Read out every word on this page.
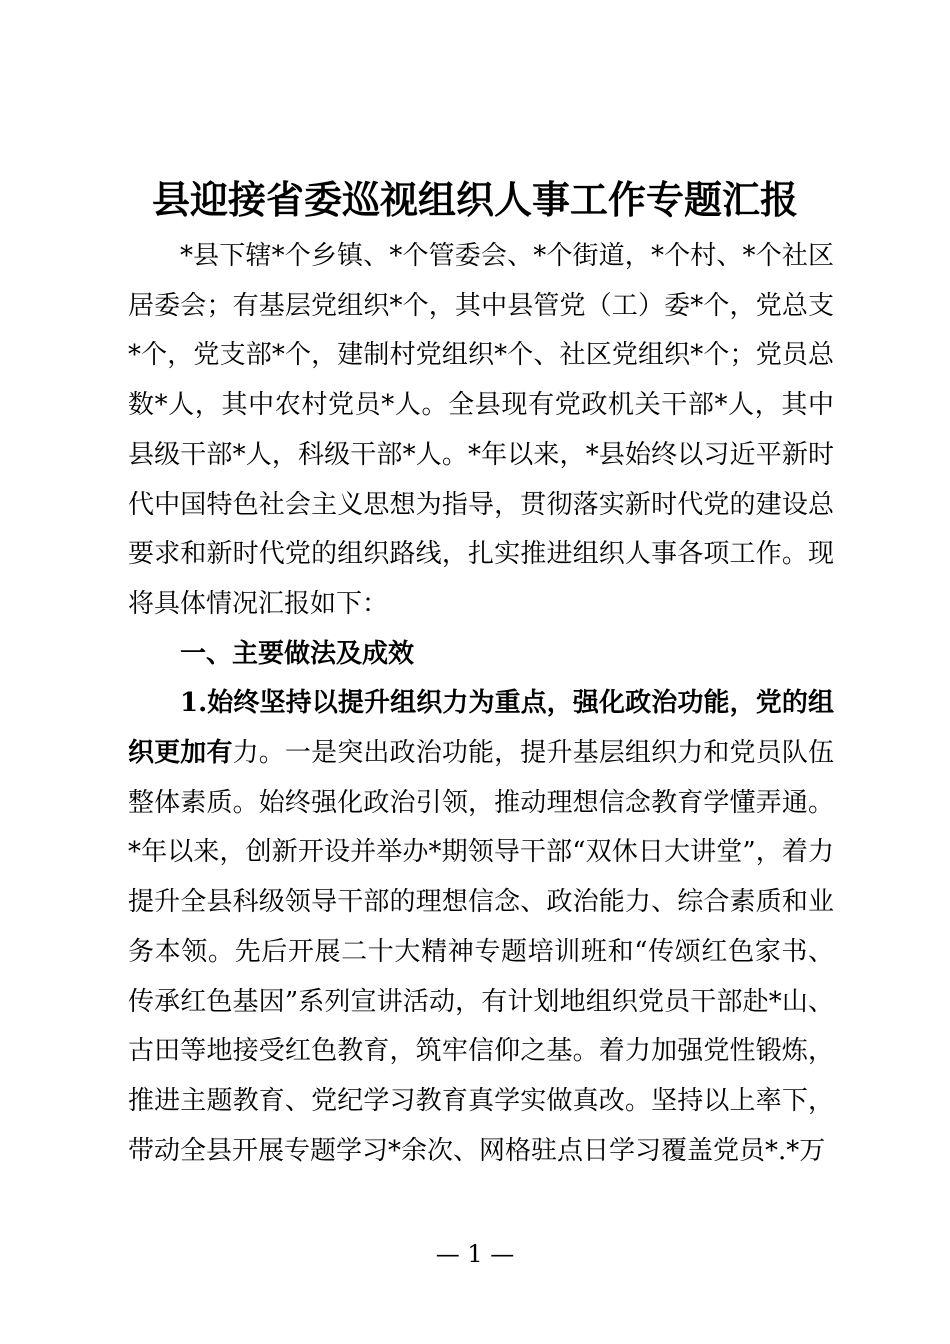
县迎接省委巡视组织人事工作专题汇报

*县下辖*个乡镇、*个管委会、*个街道，*个村、*个社区居委会；有基层党组织*个，其中县管党（工）委*个，党总支*个，党支部*个，建制村党组织*个、社区党组织*个；党员总数*人，其中农村党员*人。全县现有党政机关干部*人，其中县级干部*人，科级干部*人。*年以来，*县始终以习近平新时代中国特色社会主义思想为指导，贯彻落实新时代党的建设总要求和新时代党的组织路线，扎实推进组织人事各项工作。现将具体情况汇报如下：

一、主要做法及成效

1.始终坚持以提升组织力为重点，强化政治功能，党的组织更加有力。一是突出政治功能，提升基层组织力和党员队伍整体素质。始终强化政治引领，推动理想信念教育学懂弄通。*年以来，创新开设并举办*期领导干部“双休日大讲堂”，着力提升全县科级领导干部的理想信念、政治能力、综合素质和业务本领。先后开展二十大精神专题培训班和“传颂红色家书、传承红色基因”系列宣讲活动，有计划地组织党员干部赴*山、古田等地接受红色教育，筑牢信仰之基。着力加强党性锻炼，推进主题教育、党纪学习教育真学实做真改。坚持以上率下，带动全县开展专题学习*余次、网格驻点日学习覆盖党员*.*万

— 1 —
